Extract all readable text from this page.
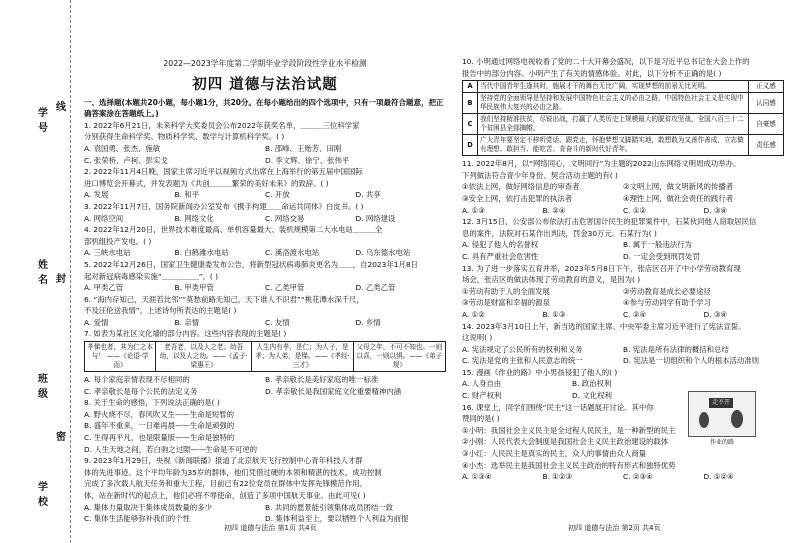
学
号
姓
名
班
级
学
校
线
封
密
2022—2023学年度第二学期毕业学段阶段性学业水平检测
初四 道德与法治试题
一、选择题(本题共20小题，每小题1分，共20分。在每小题给出的四个选项中，只有一项最符合题意，把正确答案涂在答题纸上。)
1. 2022年6月21日，未来科学大奖委员会公布2022年获奖名单，＿＿＿三位科学家
分别获得生命科学奖、物质科学奖、数学与计算机科学奖。( )
A. 袁国勇、张杰、施敏	B. 邵峰、王贻芳、田刚
C. 张荣桥、卢柯、彭实戈	D. 李文辉、徐宁、张伟平
2. 2022年11月4日晚，国家主席习近平以视频方式出席在上海举行的第五届中国国际
进口博览会开幕式，并发表题为《共创＿＿＿繁荣的美好未来》的致辞。( )
A. 发展	B. 和平	C. 开放	D. 共享
3. 2022年11月7日，国务院新闻办公室发布《携手构建＿＿命运共同体》白皮书。( )
A. 网络空间	B. 网络文化	C. 网络交易	D. 网络建设
4. 2022年12月20日，世界技术难度最高、单机容量最大、装机规模第二大水电站＿＿＿全
部机组投产发电。( )
A. 三峡水电站	B. 白鹤滩水电站	C. 溪洛渡水电站	D. 乌东德水电站
5. 2022年12月26日，国家卫生健康委发布公告，将新型冠状病毒肺炎更名为＿＿，自2023年1月8日
起对新冠病毒感染实施“＿＿＿＿＿”。( )
A. 甲类乙管	B. 甲类甲管	C. 乙类甲管	D. 乙类乙管
6. “海内存知己，天涯若比邻”“莫愁前路无知己，天下谁人不识君”“桃花潭水深千尺，
不及汪伦送我情”。上述诗句所表达的主题是( )
A. 爱情	B. 亲情	C. 友情	D. 乡情
7. 如表为某社区文化墙的部分内容。这些内容表现的主题是( )
孝悌也者，其为仁之本与！ ——《论语·学而》	老吾老，以及人之老；幼吾幼，以及人之幼。——《孟子·梁惠王》	人生内有孝，是仁；为人子，是孝；为人弟，是悌。——《孝经·三才》	父母之年，不可不知也。一则以喜，一则以惧。——《弟子规》
A. 每个家庭亲情表现不尽相同的	B. 孝亲敬长是美好家庭的唯一标准
C. 孝亲敬长是每个公民的法定义务	D. 孝亲敬长是我国家庭文化重要精神内涵
8. 关于生命的感悟，下列说法正确的是( )
A. 野火烧不尽，春风吹又生——生命是短暂的
B. 盛年不重来，一日难再晨——生命是顽强的
C. 生得再平凡，也是限量版——生命是独特的
D. 人生天地之间，若白驹之过隙——生命是不可逆的
9. 2023年1月29日，央视《新闻联播》报道了北京航天飞行控制中心青年科技人才群
体的先进事迹。这个平均年龄为35岁的群体，他们凭借过硬的本领和精湛的技术，成功控制
完成了多次载人航天任务和重大工程，目前已有22位党员在群体中发挥先锋模范作用。
体，站在新时代的起点上，他们必将不辱使命，创造了多项中国航天事业。由此可见( )
A. 集体力量取决于集体成员数量的多少	B. 共同的愿景能引领集体成员团结一致
C. 集体生活能够弥补我们的个性	D. 集体利益至上，要以牺牲个人利益为前提
10. 小明通过网络电视收看了党的二十大开幕会盛况，以下是习近平总书记在大会上作的
报告中的部分内容。小明产生了有关的情感体验。对此，以下分析不正确的是( )
A	当代中国青年生逢其时，施展才干的舞台无比广阔，实现梦想的前景无比光明。	正义感
B	坚持党的全面领导是坚持和发展中国特色社会主义的必由之路，中国特色社会主义是实现中华民族伟大复兴的必由之路。	认同感
C	我们坚持精准扶贫，尽锐出战，打赢了人类历史上规模最大的脱贫攻坚战，全国八百三十二个贫困县全部摘帽。	自豪感
D	广大青年要坚定不移听党话、跟党走，怀抱梦想又脚踏实地，敢想敢为又善作善成，立志做有理想、敢担当、能吃苦、肯奋斗的新时代好青年。	责任感
11. 2022年8月，以“网络同心，文明同行”为主题的2022山东网络文明周成功举办。
下列做法符合青少年身份、契合活动主题的有( )
①依法上网，做好网络信息的审查者	②文明上网，做文明新风的传播者
③安全上网，依打击犯罪的执法者	④理性上网，做社会责任的践行者
A. ①③	B. ②④	C. ①②	D. ③④
12. 3月15日，公安部公布依法打击危害国计民生的犯罪案件中，石某伙同他人窃取居民信
息的案件，法院对石某作出判决，罚金30万元。石某行为( )
A. 侵犯了他人的名誉权	B. 属于一般违法行为
C. 具有严重社会危害性	D. 一定会受到刑罚处罚
13. 为了进一步落实五育并举，2023年5月8日下午，张店区召开了中小学劳动教育现
场会，张店区的做法体现了劳动教育的意义，是因为( )
①劳动有助于人的全面发展	②劳动教育是成长必要途径
③劳动是财富和幸福的源泉	④参与劳动同学有助于学习
A. ①②	B. ①③	C. ②④	D. ③④
14. 2023年3月10日上午，新当选的国家主席、中央军委主席习近平进行了宪法宣誓。
这说明( )
A. 宪法规定了公民所有的权利和义务	B. 宪法是所有法律的概括和总结
C. 宪法是党的主张和人民意志的统一	D. 宪法是一切组织和个人的根本活动准则
15. 漫画《作业的路》中小男孩侵犯了他人的( )
A. 人身自由	B. 政治权利
C. 财产权利	D. 文化权利
16. 课堂上，同学们围绕“民主”这一话题展开讨论。其中你
赞同的是( )
①小明：我国社会主义民主是全过程人民民主，是一种新型的民主
②小刚：人民代表大会制度是我国社会主义民主政治建设的载体
③小红：人民民主是真实的民主，众人的事情由众人商量
④小杰：选举民主是我国社会主义民主政治的特有形式和独特优势
A. ①③④	B. ①②③	C. ②③④	D. ①②④
走不开
作业的路
初四 道德与法治 第1页 共4页	初四 道德与法治 第2页 共4页
